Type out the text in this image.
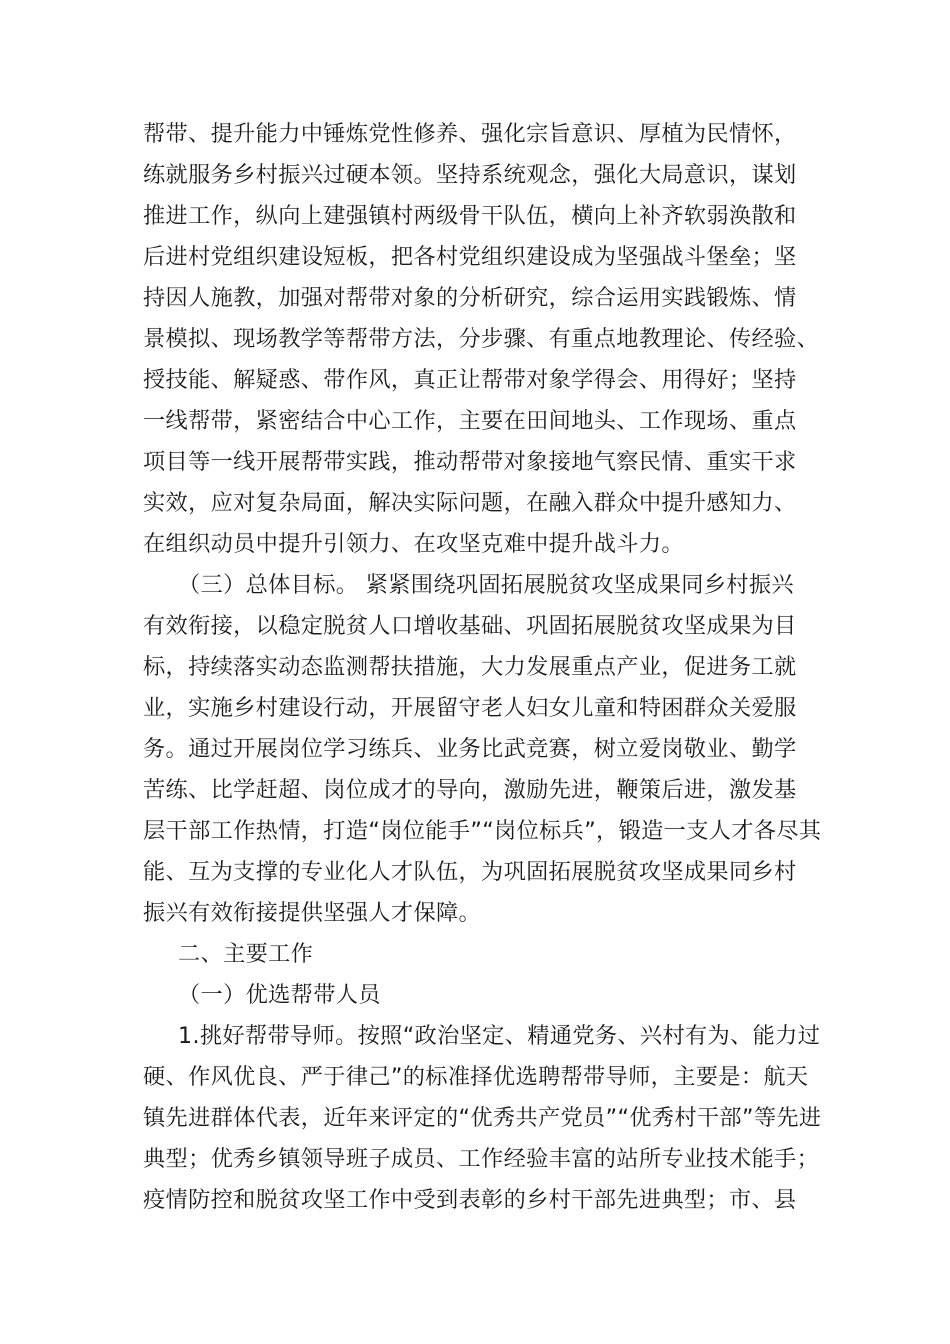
帮带、提升能力中锤炼党性修养、强化宗旨意识、厚植为民情怀，
练就服务乡村振兴过硬本领。坚持系统观念，强化大局意识，谋划
推进工作，纵向上建强镇村两级骨干队伍，横向上补齐软弱涣散和
后进村党组织建设短板，把各村党组织建设成为坚强战斗堡垒；坚
持因人施教，加强对帮带对象的分析研究，综合运用实践锻炼、情
景模拟、现场教学等帮带方法，分步骤、有重点地教理论、传经验、
授技能、解疑惑、带作风，真正让帮带对象学得会、用得好；坚持
一线帮带，紧密结合中心工作，主要在田间地头、工作现场、重点
项目等一线开展帮带实践，推动帮带对象接地气察民情、重实干求
实效，应对复杂局面，解决实际问题，在融入群众中提升感知力、
在组织动员中提升引领力、在攻坚克难中提升战斗力。
（三）总体目标。 紧紧围绕巩固拓展脱贫攻坚成果同乡村振兴
有效衔接，以稳定脱贫人口增收基础、巩固拓展脱贫攻坚成果为目
标，持续落实动态监测帮扶措施，大力发展重点产业，促进务工就
业，实施乡村建设行动，开展留守老人妇女儿童和特困群众关爱服
务。通过开展岗位学习练兵、业务比武竞赛，树立爱岗敬业、勤学
苦练、比学赶超、岗位成才的导向，激励先进，鞭策后进，激发基
层干部工作热情，打造“岗位能手”“岗位标兵”，锻造一支人才各尽其
能、互为支撑的专业化人才队伍，为巩固拓展脱贫攻坚成果同乡村
振兴有效衔接提供坚强人才保障。
二、主要工作
（一）优选帮带人员
1.挑好帮带导师。按照“政治坚定、精通党务、兴村有为、能力过
硬、作风优良、严于律己”的标准择优选聘帮带导师，主要是：航天
镇先进群体代表，近年来评定的“优秀共产党员”“优秀村干部”等先进
典型；优秀乡镇领导班子成员、工作经验丰富的站所专业技术能手；
疫情防控和脱贫攻坚工作中受到表彰的乡村干部先进典型；市、县
